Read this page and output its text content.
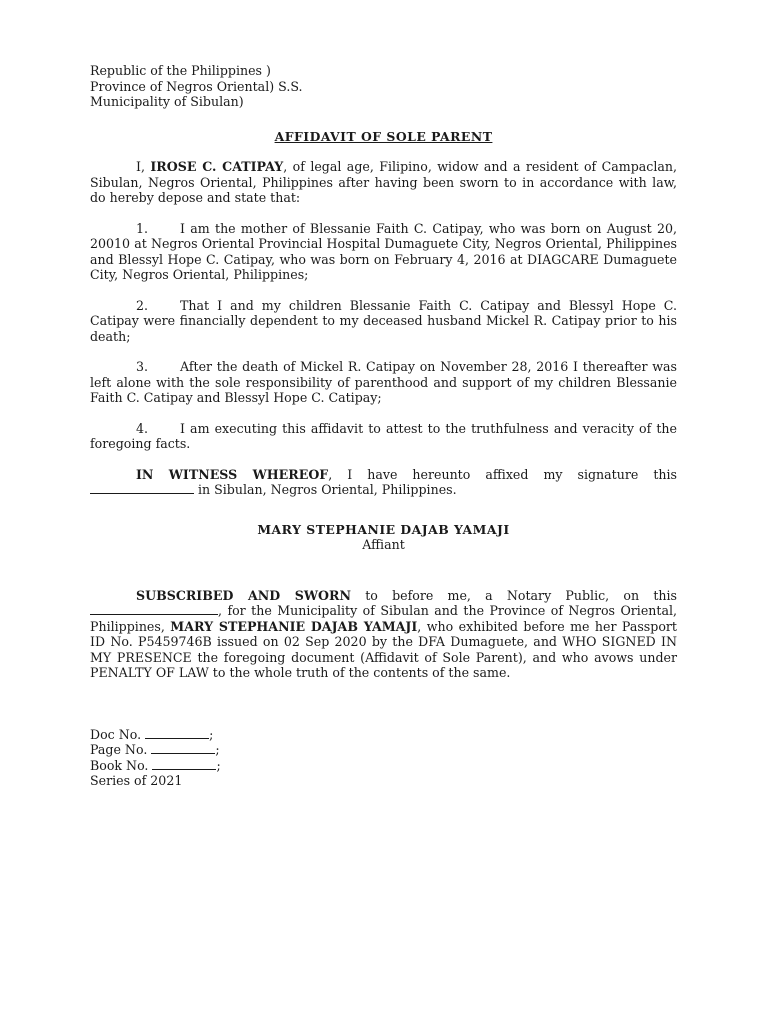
Republic of the Philippines )
Province of Negros Oriental) S.S.
Municipality of Sibulan)
AFFIDAVIT OF SOLE PARENT

I, IROSE C. CATIPAY, of legal age, Filipino, widow and a resident of Campaclan, Sibulan, Negros Oriental, Philippines after having been sworn to in accordance with law, do hereby depose and state that:

1.	I am the mother of Blessanie Faith C. Catipay, who was born on August 20, 20010 at Negros Oriental Provincial Hospital Dumaguete City, Negros Oriental, Philippines and Blessyl Hope C. Catipay, who was born on February 4, 2016 at DIAGCARE Dumaguete City, Negros Oriental, Philippines;

2.	That I and my children Blessanie Faith C. Catipay and Blessyl Hope C. Catipay were financially dependent to my deceased husband Mickel R. Catipay prior to his death;

3.	After the death of Mickel R. Catipay on November 28, 2016 I thereafter was left alone with the sole responsibility of parenthood and support of my children Blessanie Faith C. Catipay and Blessyl Hope C. Catipay;

4.	I am executing this affidavit to attest to the truthfulness and veracity of the foregoing facts.

IN WITNESS WHEREOF, I have hereunto affixed my signature this  in Sibulan, Negros Oriental, Philippines.

MARY STEPHANIE DAJAB YAMAJI
Affiant

SUBSCRIBED AND SWORN to before me, a Notary Public, on this , for the Municipality of Sibulan and the Province of Negros Oriental, Philippines, MARY STEPHANIE DAJAB YAMAJI, who exhibited before me her Passport ID No. P5459746B issued on 02 Sep 2020 by the DFA Dumaguete, and WHO SIGNED IN MY PRESENCE the foregoing document (Affidavit of Sole Parent), and who avows under PENALTY OF LAW to the whole truth of the contents of the same.

Doc No.	;
Page No.	;
Book No.	;
Series of 2021
